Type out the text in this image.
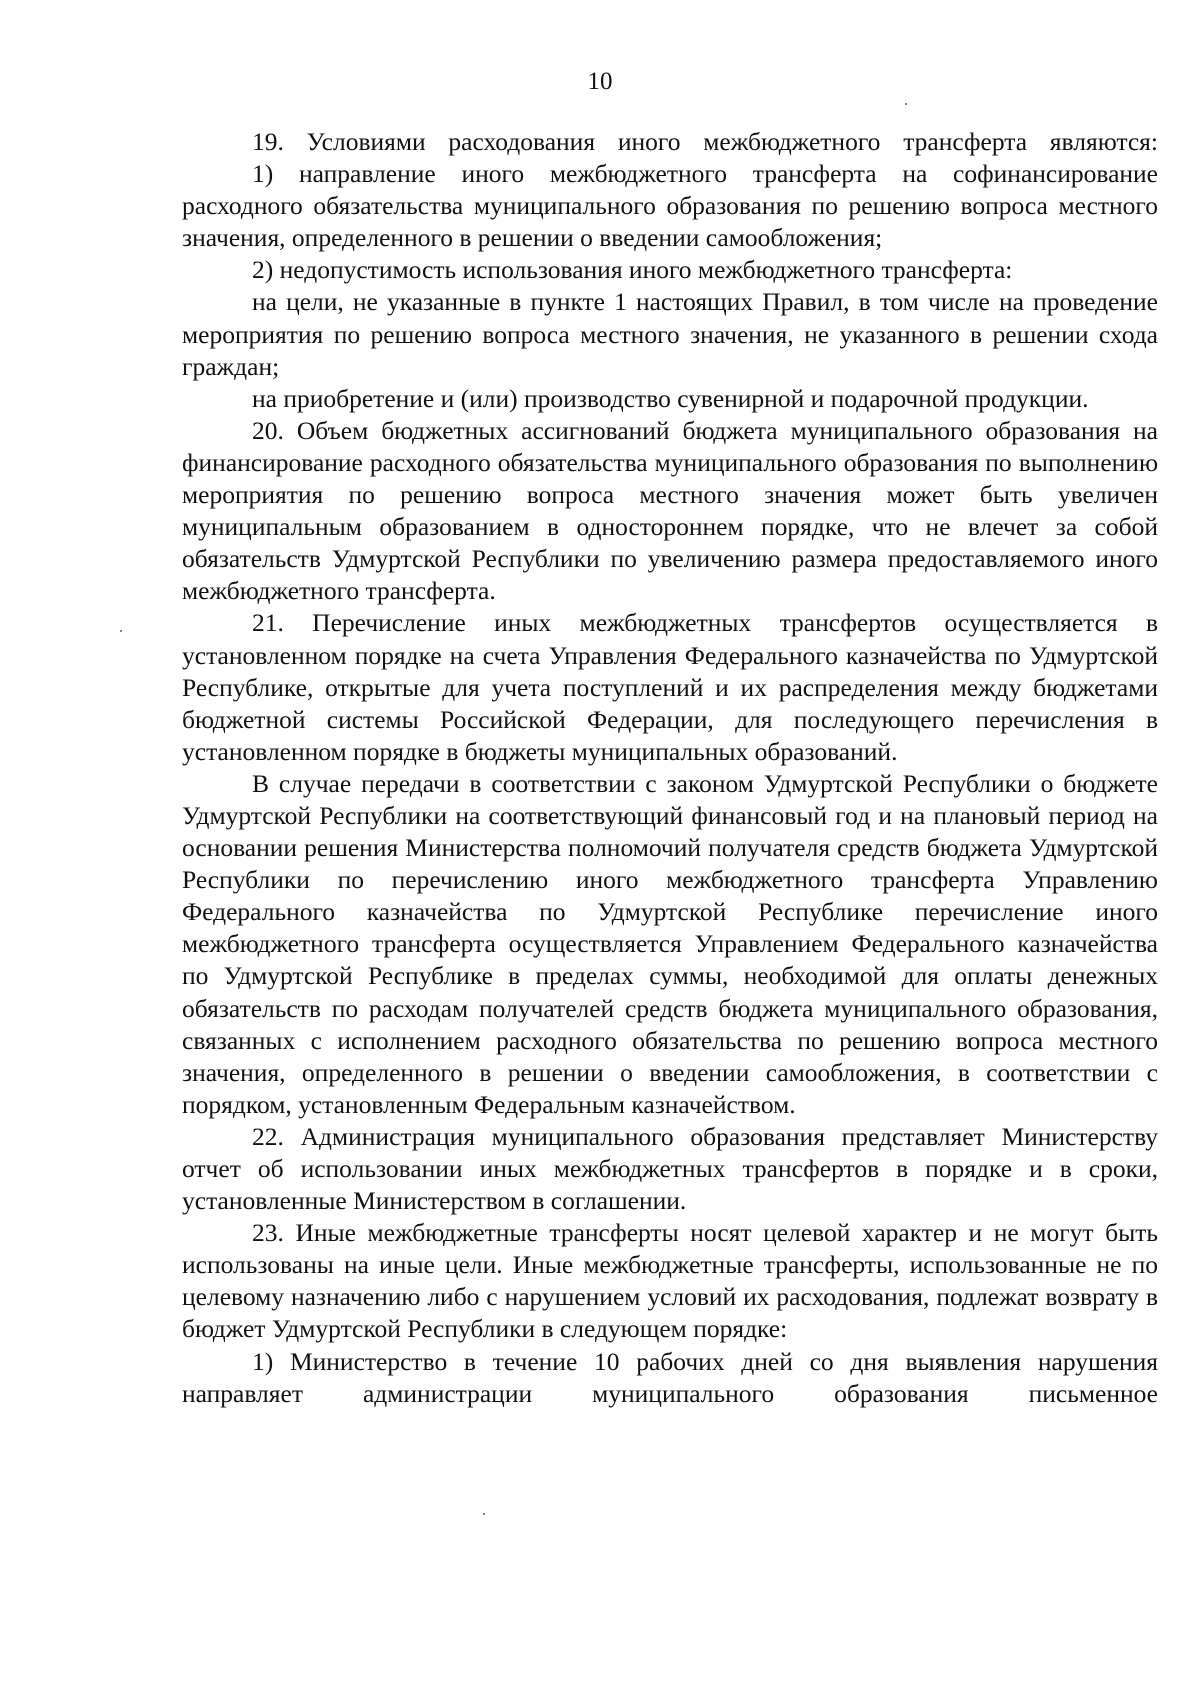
10

19. Условиями расходования иного межбюджетного трансферта являются:

1) направление иного межбюджетного трансферта на софинансирование расходного обязательства муниципального образования по решению вопроса местного значения, определенного в решении о введении самообложения;

2) недопустимость использования иного межбюджетного трансферта:

на цели, не указанные в пункте 1 настоящих Правил, в том числе на проведение мероприятия по решению вопроса местного значения, не указанного в решении схода граждан;

на приобретение и (или) производство сувенирной и подарочной продукции.

20. Объем бюджетных ассигнований бюджета муниципального образования на финансирование расходного обязательства муниципального образования по выполнению мероприятия по решению вопроса местного значения может быть увеличен муниципальным образованием в одностороннем порядке, что не влечет за собой обязательств Удмуртской Республики по увеличению размера предоставляемого иного межбюджетного трансферта.

21. Перечисление иных межбюджетных трансфертов осуществляется в установленном порядке на счета Управления Федерального казначейства по Удмуртской Республике, открытые для учета поступлений и их распределения между бюджетами бюджетной системы Российской Федерации, для последующего перечисления в установленном порядке в бюджеты муниципальных образований.

В случае передачи в соответствии с законом Удмуртской Республики о бюджете Удмуртской Республики на соответствующий финансовый год и на плановый период на основании решения Министерства полномочий получателя средств бюджета Удмуртской Республики по перечислению иного межбюджетного трансферта Управлению Федерального казначейства по Удмуртской Республике перечисление иного межбюджетного трансферта осуществляется Управлением Федерального казначейства по Удмуртской Республике в пределах суммы, необходимой для оплаты денежных обязательств по расходам получателей средств бюджета муниципального образования, связанных с исполнением расходного обязательства по решению вопроса местного значения, определенного в решении о введении самообложения, в соответствии с порядком, установленным Федеральным казначейством.

22. Администрация муниципального образования представляет Министерству отчет об использовании иных межбюджетных трансфертов в порядке и в сроки, установленные Министерством в соглашении.

23. Иные межбюджетные трансферты носят целевой характер и не могут быть использованы на иные цели. Иные межбюджетные трансферты, использованные не по целевому назначению либо с нарушением условий их расходования, подлежат возврату в бюджет Удмуртской Республики в следующем порядке:

1) Министерство в течение 10 рабочих дней со дня выявления нарушения направляет администрации муниципального образования письменное
